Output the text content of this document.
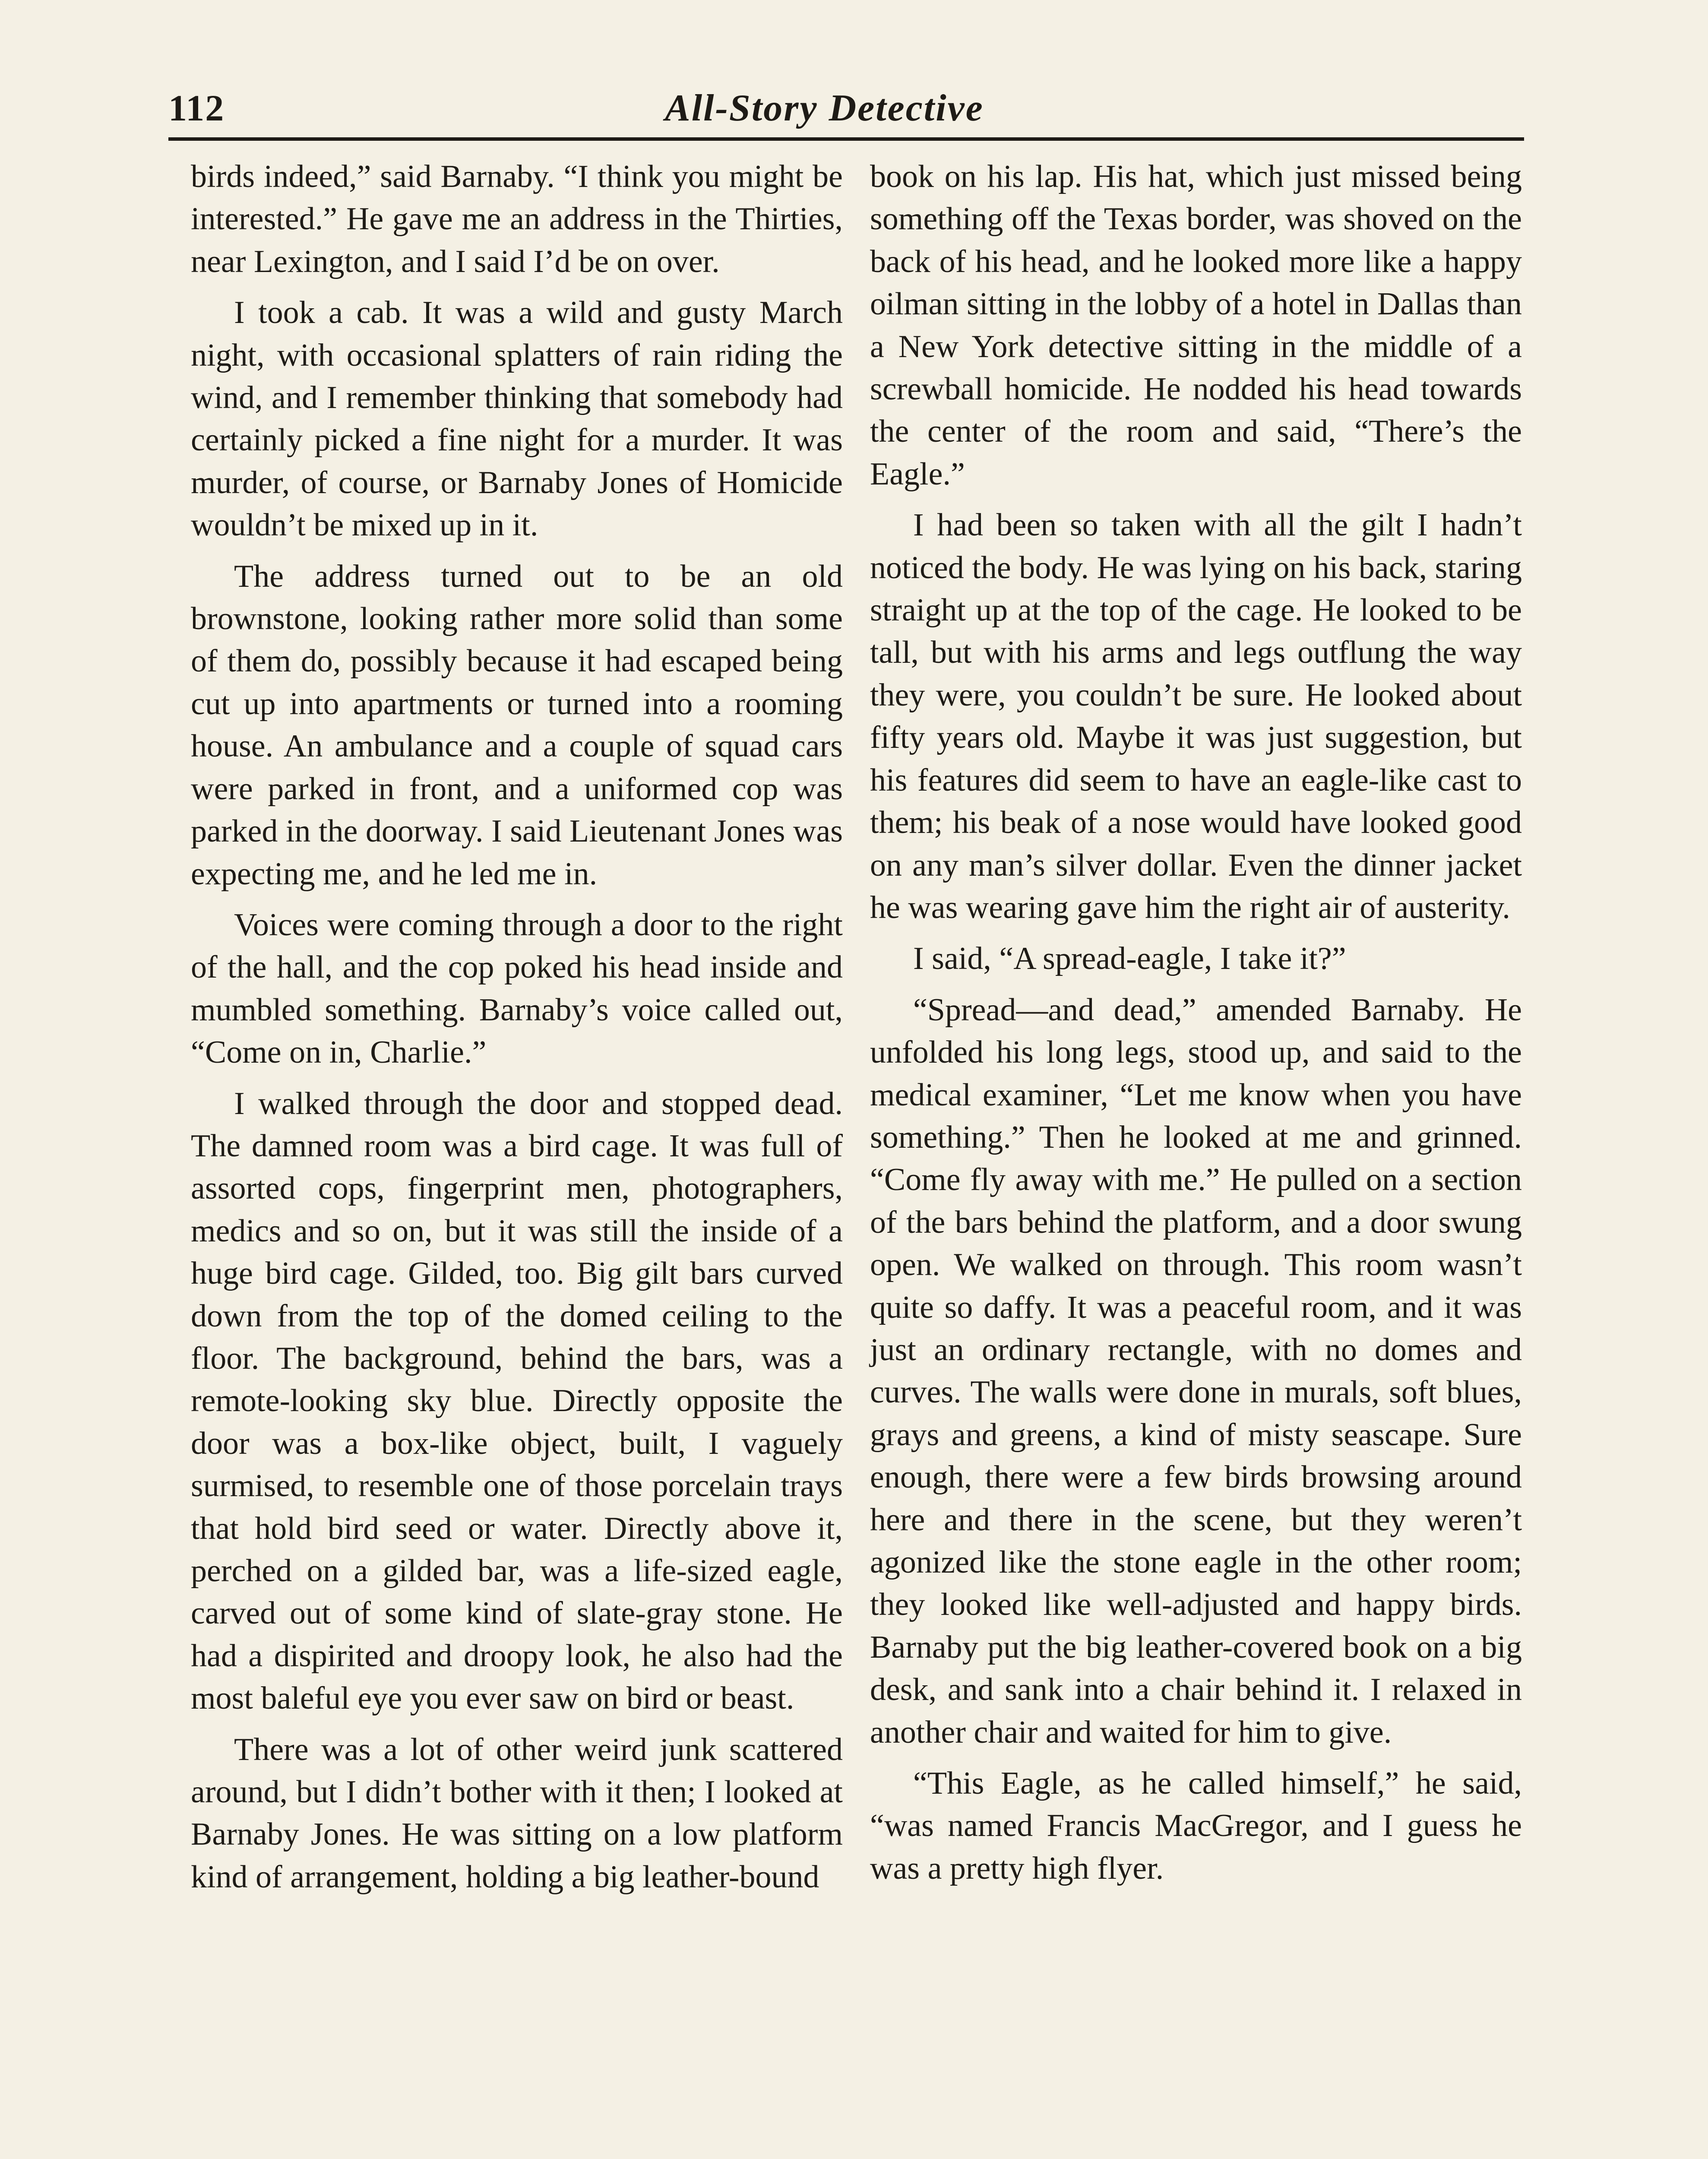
112	All-Story Detective

birds indeed,” said Barnaby. “I think you might be interested.” He gave me an address in the Thirties, near Lexington, and I said I’d be on over.

I took a cab. It was a wild and gusty March night, with occasional splatters of rain riding the wind, and I remember thinking that somebody had certainly picked a fine night for a murder. It was murder, of course, or Barnaby Jones of Homicide wouldn’t be mixed up in it.

The address turned out to be an old brownstone, looking rather more solid than some of them do, possibly because it had escaped being cut up into apartments or turned into a rooming house. An ambulance and a couple of squad cars were parked in front, and a uniformed cop was parked in the doorway. I said Lieutenant Jones was expecting me, and he led me in.

Voices were coming through a door to the right of the hall, and the cop poked his head inside and mumbled something. Barnaby’s voice called out, “Come on in, Charlie.”

I walked through the door and stopped dead. The damned room was a bird cage. It was full of assorted cops, fingerprint men, photographers, medics and so on, but it was still the inside of a huge bird cage. Gilded, too. Big gilt bars curved down from the top of the domed ceiling to the floor. The background, behind the bars, was a remote-looking sky blue. Directly opposite the door was a box-like object, built, I vaguely surmised, to resemble one of those porcelain trays that hold bird seed or water. Directly above it, perched on a gilded bar, was a life-sized eagle, carved out of some kind of slate-gray stone. He had a dispirited and droopy look, he also had the most baleful eye you ever saw on bird or beast.

There was a lot of other weird junk scattered around, but I didn’t bother with it then; I looked at Barnaby Jones. He was sitting on a low platform kind of arrangement, holding a big leather-bound

book on his lap. His hat, which just missed being something off the Texas border, was shoved on the back of his head, and he looked more like a happy oilman sitting in the lobby of a hotel in Dallas than a New York detective sitting in the middle of a screwball homicide. He nodded his head towards the center of the room and said, “There’s the Eagle.”

I had been so taken with all the gilt I hadn’t noticed the body. He was lying on his back, staring straight up at the top of the cage. He looked to be tall, but with his arms and legs outflung the way they were, you couldn’t be sure. He looked about fifty years old. Maybe it was just suggestion, but his features did seem to have an eagle-like cast to them; his beak of a nose would have looked good on any man’s silver dollar. Even the dinner jacket he was wearing gave him the right air of austerity.

I said, “A spread-eagle, I take it?”

“Spread—and dead,” amended Barnaby. He unfolded his long legs, stood up, and said to the medical examiner, “Let me know when you have something.” Then he looked at me and grinned. “Come fly away with me.” He pulled on a section of the bars behind the platform, and a door swung open. We walked on through. This room wasn’t quite so daffy. It was a peaceful room, and it was just an ordinary rectangle, with no domes and curves. The walls were done in murals, soft blues, grays and greens, a kind of misty seascape. Sure enough, there were a few birds browsing around here and there in the scene, but they weren’t agonized like the stone eagle in the other room; they looked like well-adjusted and happy birds. Barnaby put the big leather-covered book on a big desk, and sank into a chair behind it. I relaxed in another chair and waited for him to give.

“This Eagle, as he called himself,” he said, “was named Francis MacGregor, and I guess he was a pretty high flyer.
